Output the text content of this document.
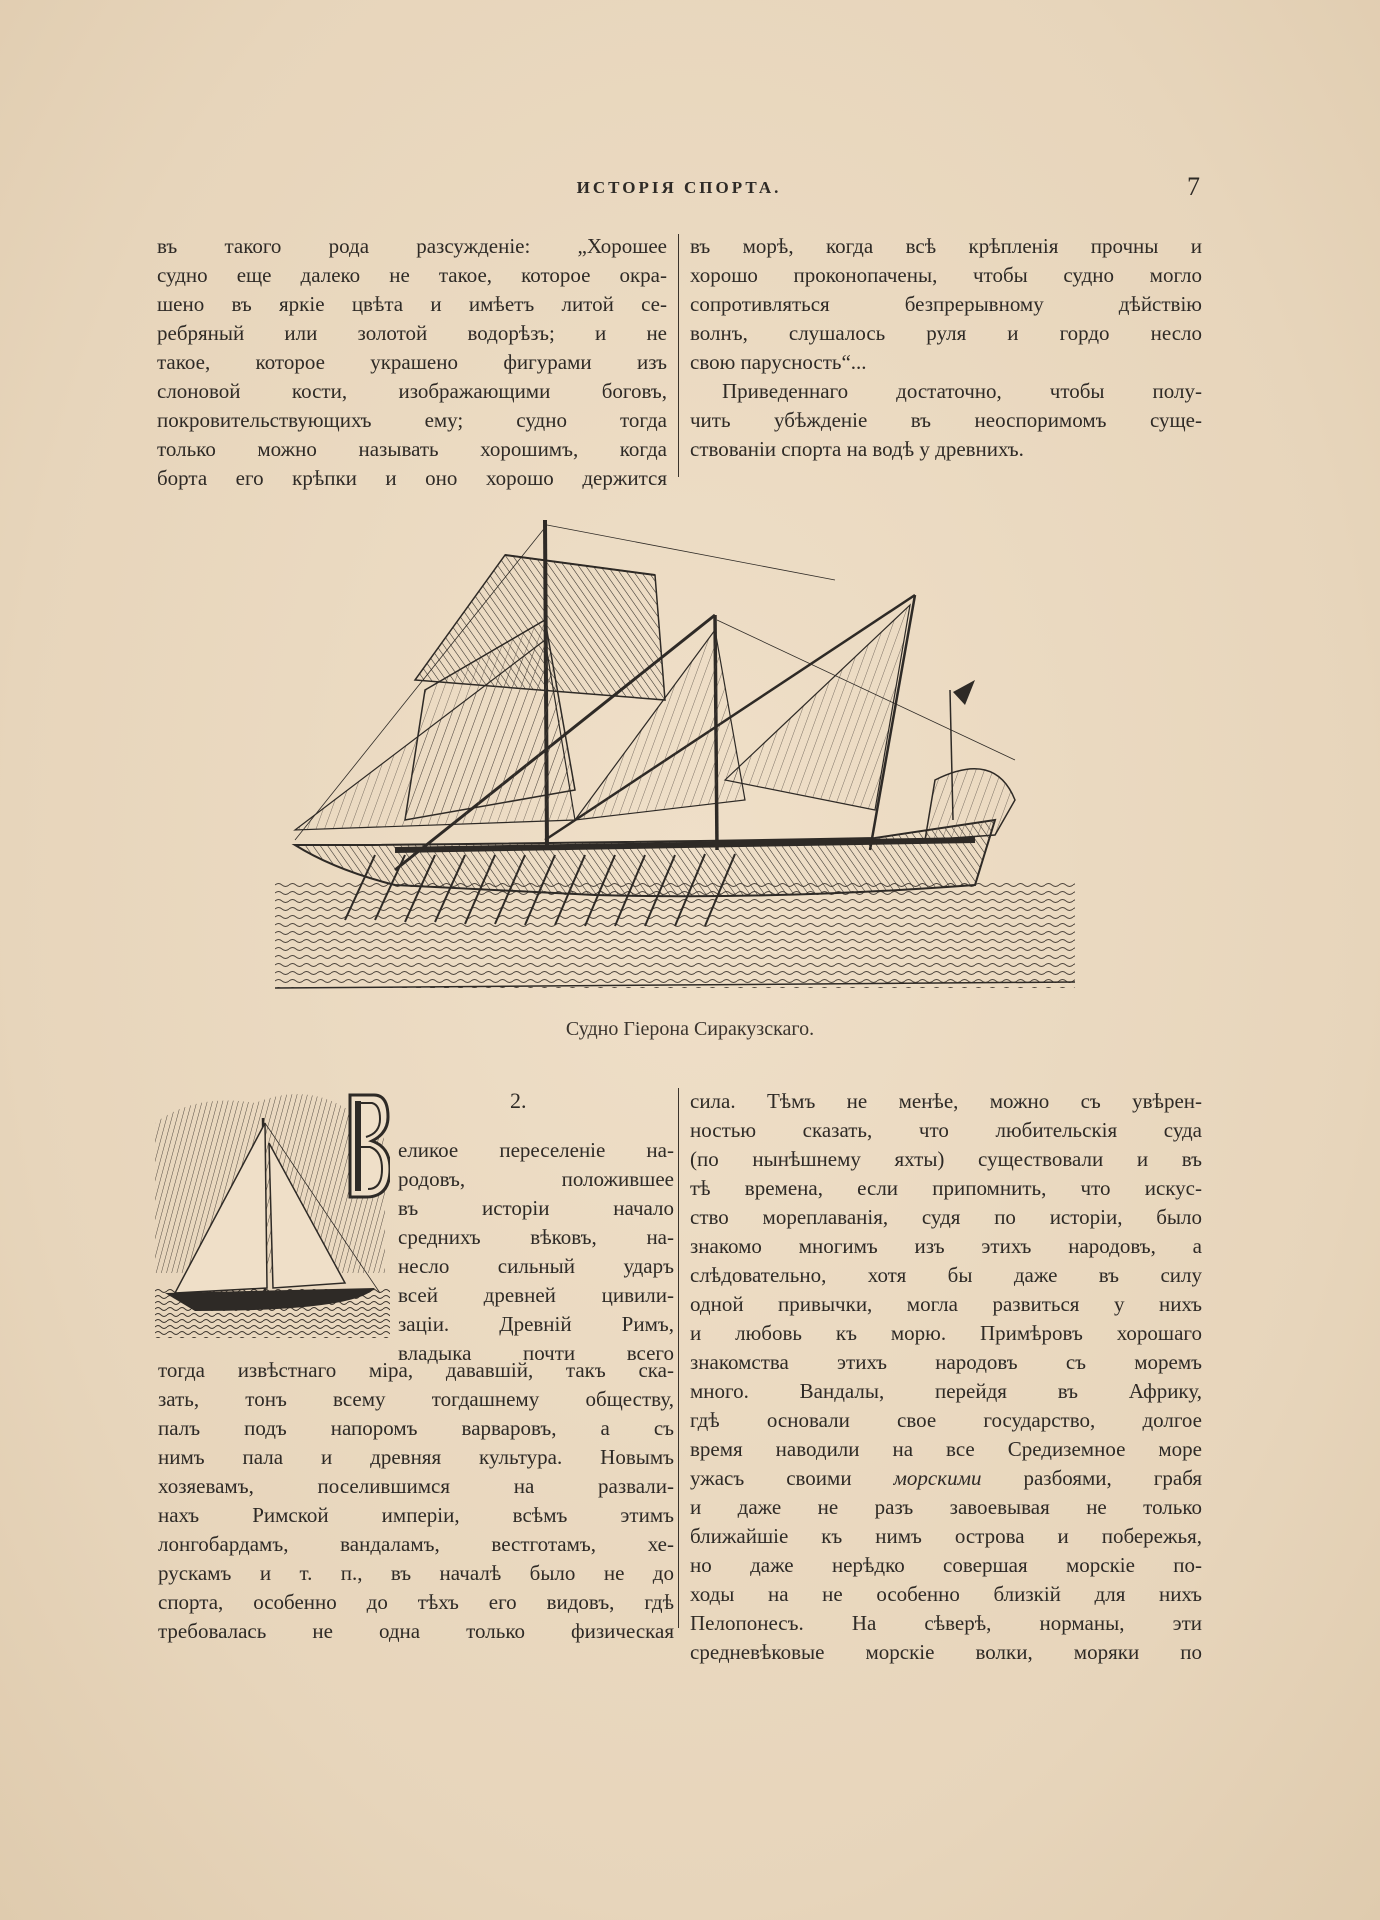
ИСТОРІЯ СПОРТА.	7
въ такого рода разсужденіе: „Хорошее
судно еще далеко не такое, которое окра-
шено въ яркіе цвѣта и имѣетъ литой се-
ребряный или золотой водорѣзъ; и не
такое, которое украшено фигурами изъ
слоновой кости, изображающими боговъ,
покровительствующихъ ему; судно тогда
только можно называть хорошимъ, когда
борта его крѣпки и оно хорошо держится
въ морѣ, когда всѣ крѣпленія прочны и
хорошо проконопачены, чтобы судно могло
сопротивляться безпрерывному дѣйствію
волнъ, слушалось руля и гордо несло
свою парусность“...
Приведеннаго достаточно, чтобы полу-
чить убѣжденіе въ неоспоримомъ суще-
ствованіи спорта на водѣ у древнихъ.
Судно Гіерона Сиракузскаго.
2.
еликое переселеніе на-
родовъ, положившее
въ исторіи начало
среднихъ вѣковъ, на-
несло сильный ударъ
всей древней цивили-
заціи. Древній Римъ,
владыка почти всего
тогда извѣстнаго міра, дававшій, такъ ска-
зать, тонъ всему тогдашнему обществу,
палъ подъ напоромъ варваровъ, а съ
нимъ пала и древняя культура. Новымъ
хозяевамъ, поселившимся на развали-
нахъ Римской имперіи, всѣмъ этимъ
лонгобардамъ, вандаламъ, вестготамъ, хе-
рускамъ и т. п., въ началѣ было не до
спорта, особенно до тѣхъ его видовъ, гдѣ
требовалась не одна только физическая
сила. Тѣмъ не менѣе, можно съ увѣрен-
ностью сказать, что любительскія суда
(по нынѣшнему яхты) существовали и въ
тѣ времена, если припомнить, что искус-
ство мореплаванія, судя по исторіи, было
знакомо многимъ изъ этихъ народовъ, а
слѣдовательно, хотя бы даже въ силу
одной привычки, могла развиться у нихъ
и любовь къ морю. Примѣровъ хорошаго
знакомства этихъ народовъ съ моремъ
много. Вандалы, перейдя въ Африку,
гдѣ основали свое государство, долгое
время наводили на все Средиземное море
ужасъ своими морскими разбоями, грабя
и даже не разъ завоевывая не только
ближайшіе къ нимъ острова и побережья,
но даже нерѣдко совершая морскіе по-
ходы на не особенно близкій для нихъ
Пелопонесъ. На сѣверѣ, норманы, эти
средневѣковые морскіе волки, моряки по
